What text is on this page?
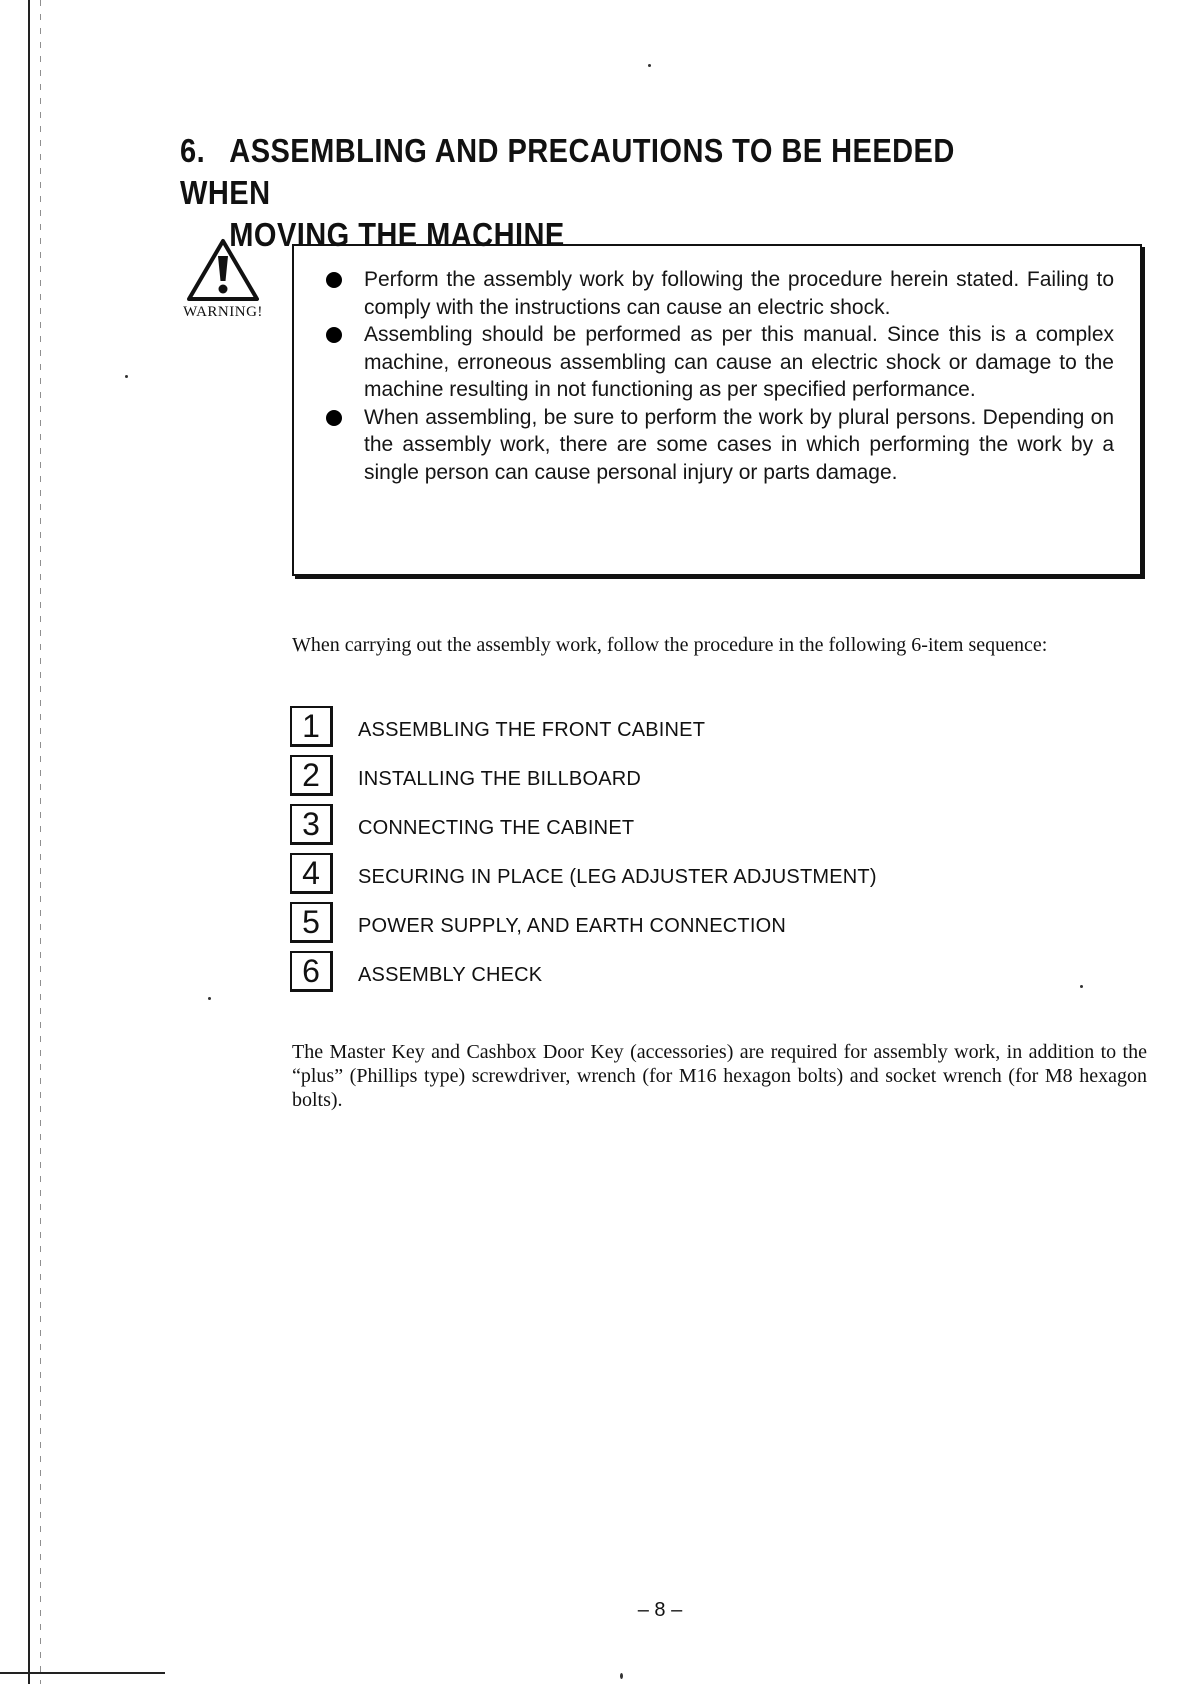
6. ASSEMBLING AND PRECAUTIONS TO BE HEEDED WHEN
MOVING THE MACHINE
WARNING!
Perform the assembly work by following the procedure herein stated. Failing to comply with the instructions can cause an electric shock.
Assembling should be performed as per this manual. Since this is a complex machine, erroneous assembling can cause an electric shock or damage to the machine resulting in not functioning as per specified performance.
When assembling, be sure to perform the work by plural persons. Depending on the assembly work, there are some cases in which performing the work by a single person can cause personal injury or parts damage.
When carrying out the assembly work, follow the procedure in the following 6-item sequence:
1	ASSEMBLING THE FRONT CABINET
2	INSTALLING THE BILLBOARD
3	CONNECTING THE CABINET
4	SECURING IN PLACE (LEG ADJUSTER ADJUSTMENT)
5	POWER SUPPLY, AND EARTH CONNECTION
6	ASSEMBLY CHECK
The Master Key and Cashbox Door Key (accessories) are required for assembly work, in addition to the “plus” (Phillips type) screwdriver, wrench (for M16 hexagon bolts) and socket wrench (for M8 hexagon bolts).
– 8 –
